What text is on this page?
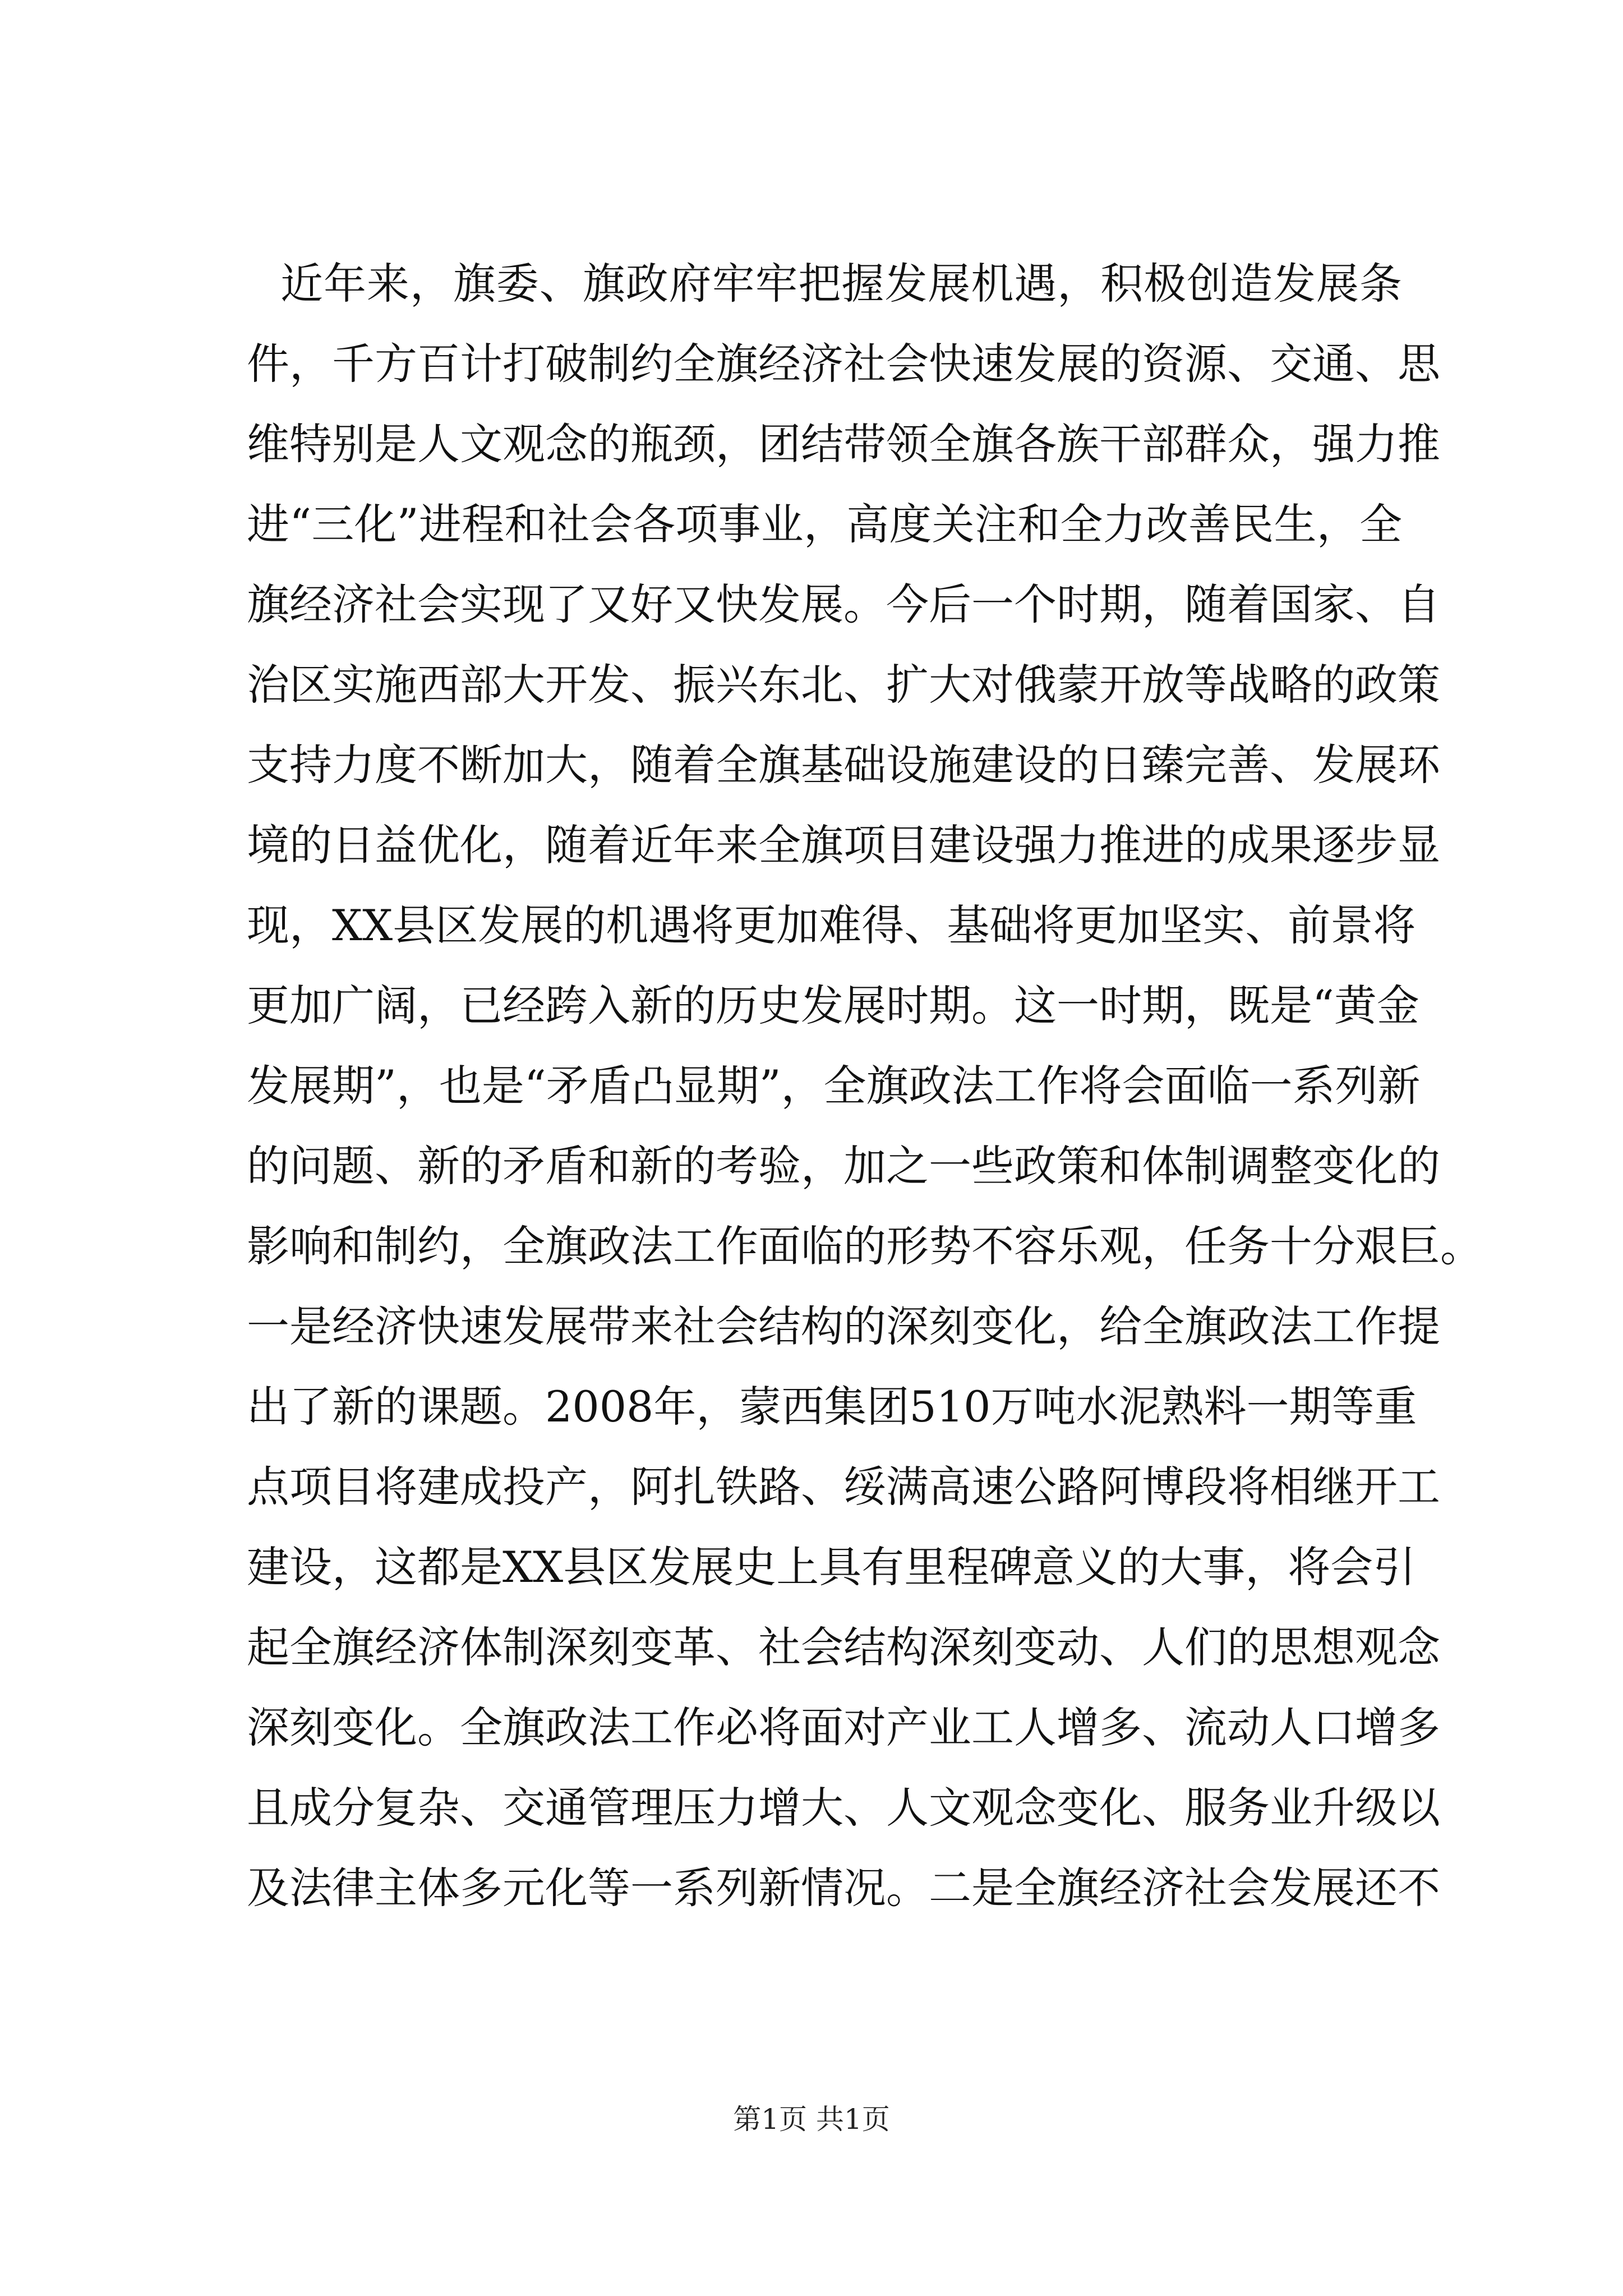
近年来，旗委、旗政府牢牢把握发展机遇，积极创造发展条
件，千方百计打破制约全旗经济社会快速发展的资源、交通、思
维特别是人文观念的瓶颈，团结带领全旗各族干部群众，强力推
进“三化”进程和社会各项事业，高度关注和全力改善民生，全
旗经济社会实现了又好又快发展。今后一个时期，随着国家、自
治区实施西部大开发、振兴东北、扩大对俄蒙开放等战略的政策
支持力度不断加大，随着全旗基础设施建设的日臻完善、发展环
境的日益优化，随着近年来全旗项目建设强力推进的成果逐步显
现，XX县区发展的机遇将更加难得、基础将更加坚实、前景将
更加广阔，已经跨入新的历史发展时期。这一时期，既是“黄金
发展期”，也是“矛盾凸显期”，全旗政法工作将会面临一系列新
的问题、新的矛盾和新的考验，加之一些政策和体制调整变化的
影响和制约，全旗政法工作面临的形势不容乐观，任务十分艰巨。
一是经济快速发展带来社会结构的深刻变化，给全旗政法工作提
出了新的课题。2008年，蒙西集团510万吨水泥熟料一期等重
点项目将建成投产，阿扎铁路、绥满高速公路阿博段将相继开工
建设，这都是XX县区发展史上具有里程碑意义的大事，将会引
起全旗经济体制深刻变革、社会结构深刻变动、人们的思想观念
深刻变化。全旗政法工作必将面对产业工人增多、流动人口增多
且成分复杂、交通管理压力增大、人文观念变化、服务业升级以
及法律主体多元化等一系列新情况。二是全旗经济社会发展还不
第1页 共1页
